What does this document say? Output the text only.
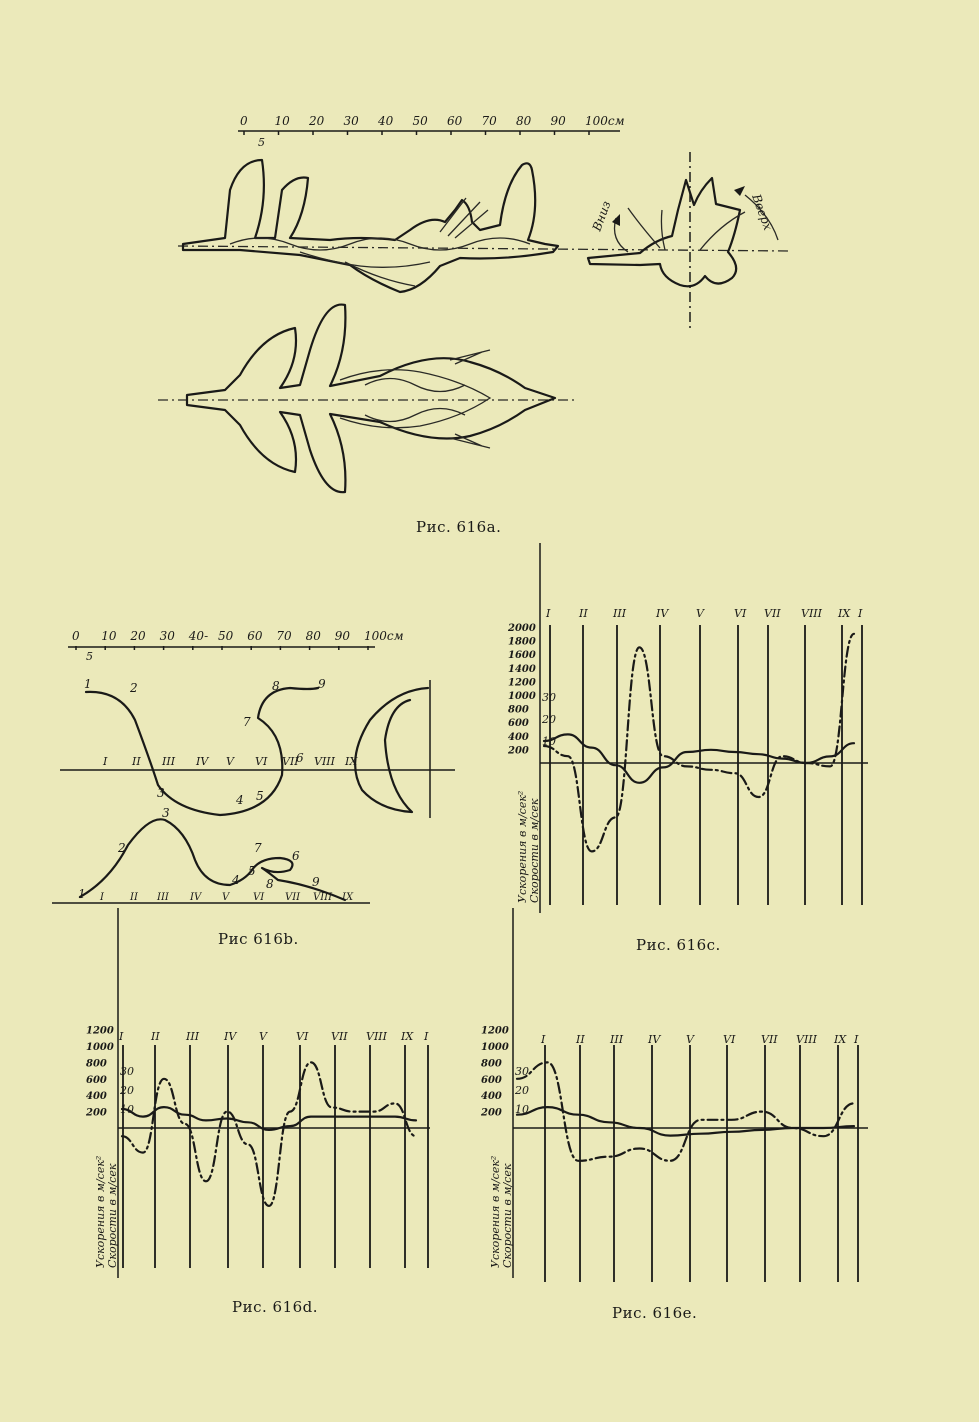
0 10 20 30 40 50 60 70 80 90 100см
5
Вниз	Вверх
0 10 20 30 40- 50 60 70 80 90 100см
5
I II III IV V VI VII VIII IX
I	II III IV V VI VII VIII IX
1	2
3	4 5
6
7
8	9
1
2
3
4
5
6
7
8	9
I	II III	IV	V	VI VII VIII IX I
2000
1800
1600
1400
1200
1000
800
600
400
200
30
20
10
Ускорения в м/сек² Скорости в м/сек
I	II III IV V	VI VII VIII IX I
1200
1000
800
600
400
200
30
20
10
Ускорения в м/сек² Скорости в м/сек
I	II III IV V	VI VII VIII IX I
1200
1000
800
600
400
200
30
20
10
Ускорения в м/сек² Скорости в м/сек
Рис. 616а.
Рис 616b.	Рис. 616с.
Рис. 616d.	Рис. 616е.
